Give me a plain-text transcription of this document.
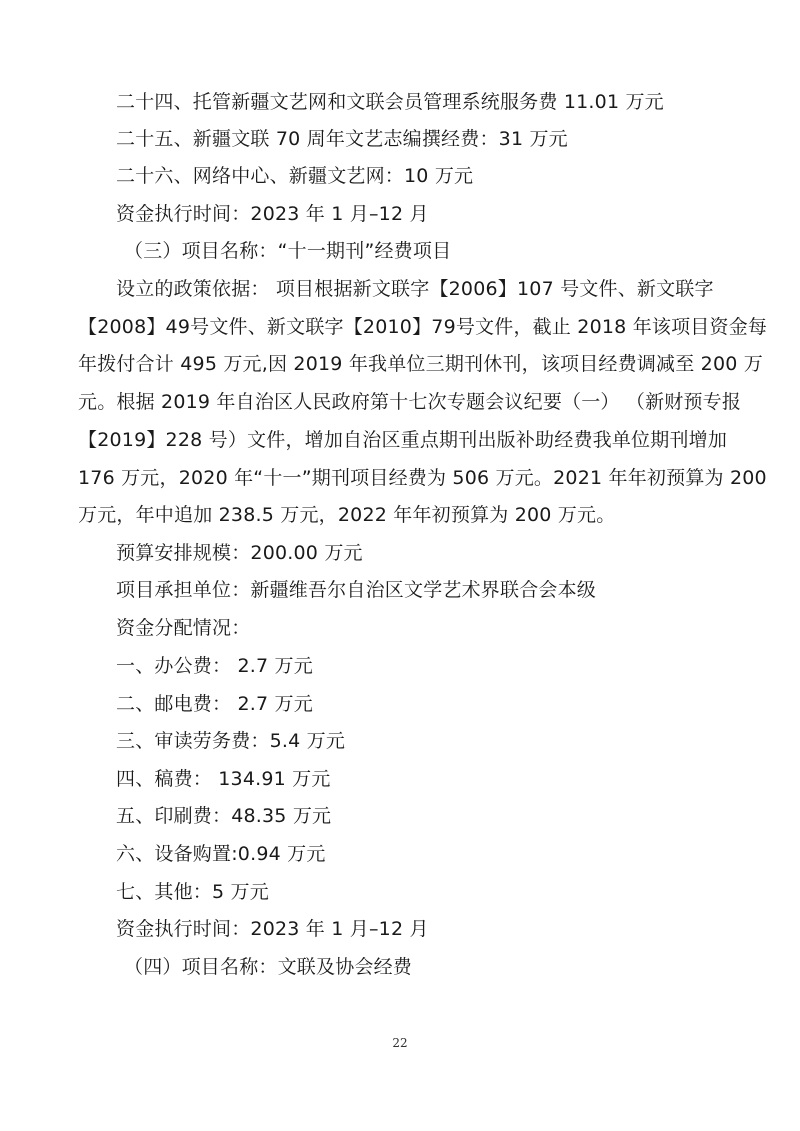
二十四、托管新疆文艺网和文联会员管理系统服务费 11.01 万元
二十五、新疆文联 70 周年文艺志编撰经费：31 万元
二十六、网络中心、新疆文艺网：10 万元
资金执行时间：2023 年 1 月–12 月
（三）项目名称：“十一期刊”经费项目
设立的政策依据： 项目根据新文联字【2006】107 号文件、新文联字
【2008】49号文件、新文联字【2010】79号文件，截止 2018 年该项目资金每
年拨付合计 495 万元,因 2019 年我单位三期刊休刊，该项目经费调减至 200 万
元。根据 2019 年自治区人民政府第十七次专题会议纪要（一） （新财预专报
【2019】228 号）文件，增加自治区重点期刊出版补助经费我单位期刊增加
176 万元，2020 年“十一”期刊项目经费为 506 万元。2021 年年初预算为 200
万元，年中追加 238.5 万元，2022 年年初预算为 200 万元。
预算安排规模：200.00 万元
项目承担单位：新疆维吾尔自治区文学艺术界联合会本级
资金分配情况：
一、办公费： 2.7 万元
二、邮电费： 2.7 万元
三、审读劳务费：5.4 万元
四、稿费： 134.91 万元
五、印刷费：48.35 万元
六、设备购置:0.94 万元
七、其他：5 万元
资金执行时间：2023 年 1 月–12 月
（四）项目名称：文联及协会经费
22
